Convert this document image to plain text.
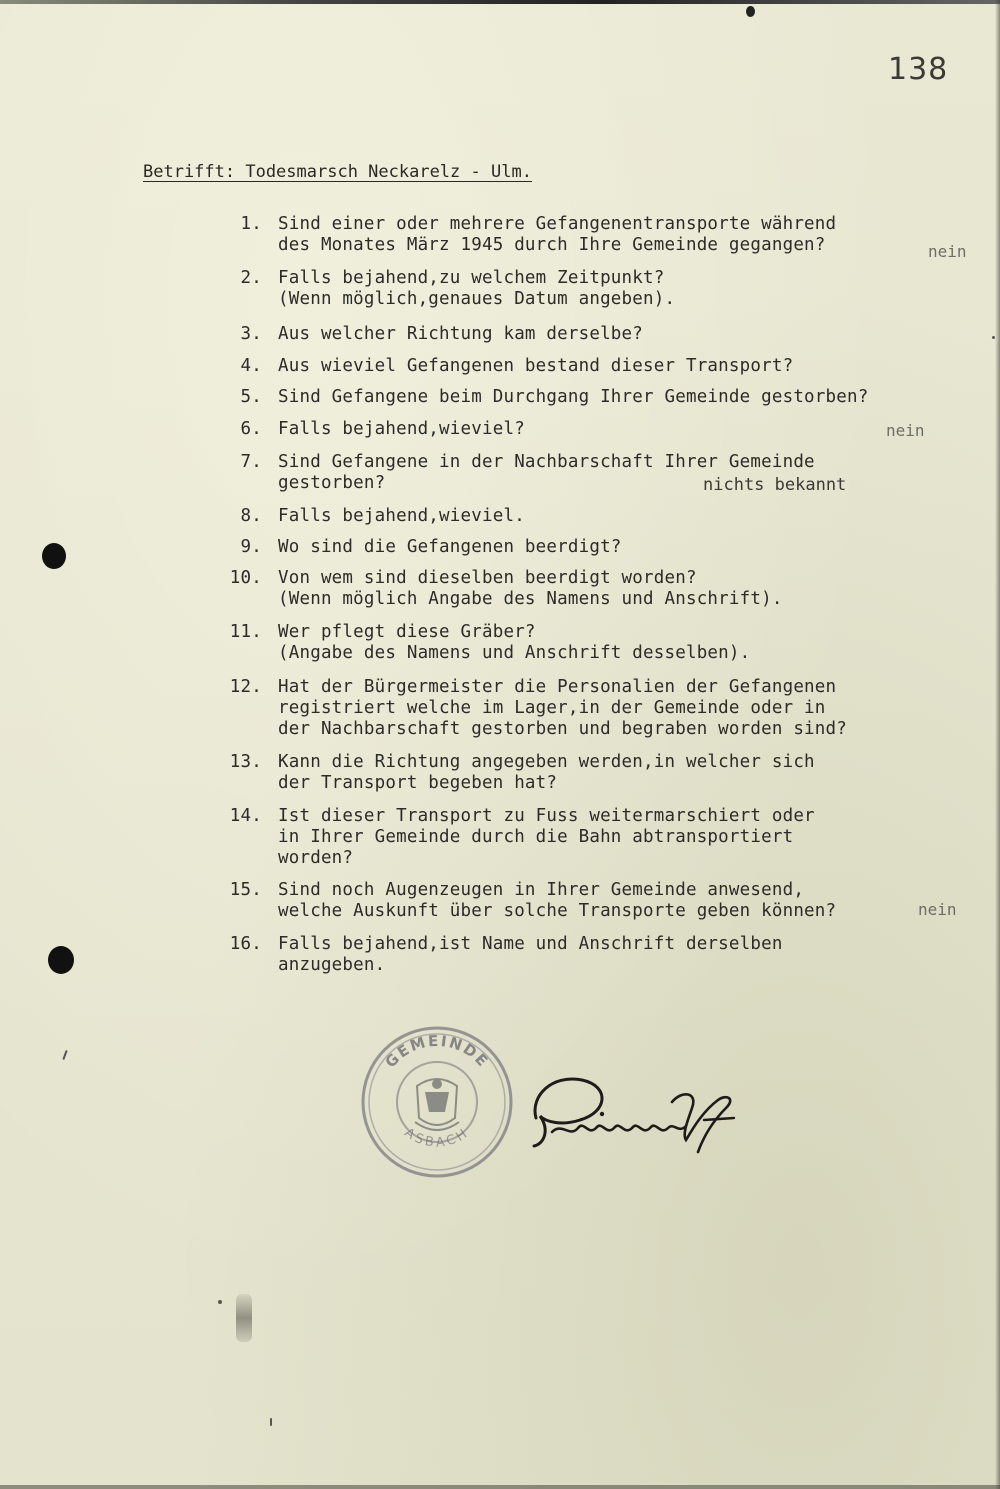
138
Betrifft: Todesmarsch Neckarelz - Ulm.
1. Sind einer oder mehrere Gefangenentransporte während
des Monates März 1945 durch Ihre Gemeinde gegangen?
2. Falls bejahend,zu welchem Zeitpunkt?
(Wenn möglich,genaues Datum angeben).
3. Aus welcher Richtung kam derselbe?
4. Aus wieviel Gefangenen bestand dieser Transport?
5. Sind Gefangene beim Durchgang Ihrer Gemeinde gestorben?
6. Falls bejahend,wieviel?
7. Sind Gefangene in der Nachbarschaft Ihrer Gemeinde
gestorben?
8. Falls bejahend,wieviel.
9. Wo sind die Gefangenen beerdigt?
10. Von wem sind dieselben beerdigt worden?
(Wenn möglich Angabe des Namens und Anschrift).
11. Wer pflegt diese Gräber?
(Angabe des Namens und Anschrift desselben).
12. Hat der Bürgermeister die Personalien der Gefangenen
registriert welche im Lager,in der Gemeinde oder in
der Nachbarschaft gestorben und begraben worden sind?
13. Kann die Richtung angegeben werden,in welcher sich
der Transport begeben hat?
14. Ist dieser Transport zu Fuss weitermarschiert oder
in Ihrer Gemeinde durch die Bahn abtransportiert
worden?
15. Sind noch Augenzeugen in Ihrer Gemeinde anwesend,
welche Auskunft über solche Transporte geben können?
16. Falls bejahend,ist Name und Anschrift derselben
anzugeben.
nein
nein
nichts bekannt
nein
GEMEINDE
ASBACH
